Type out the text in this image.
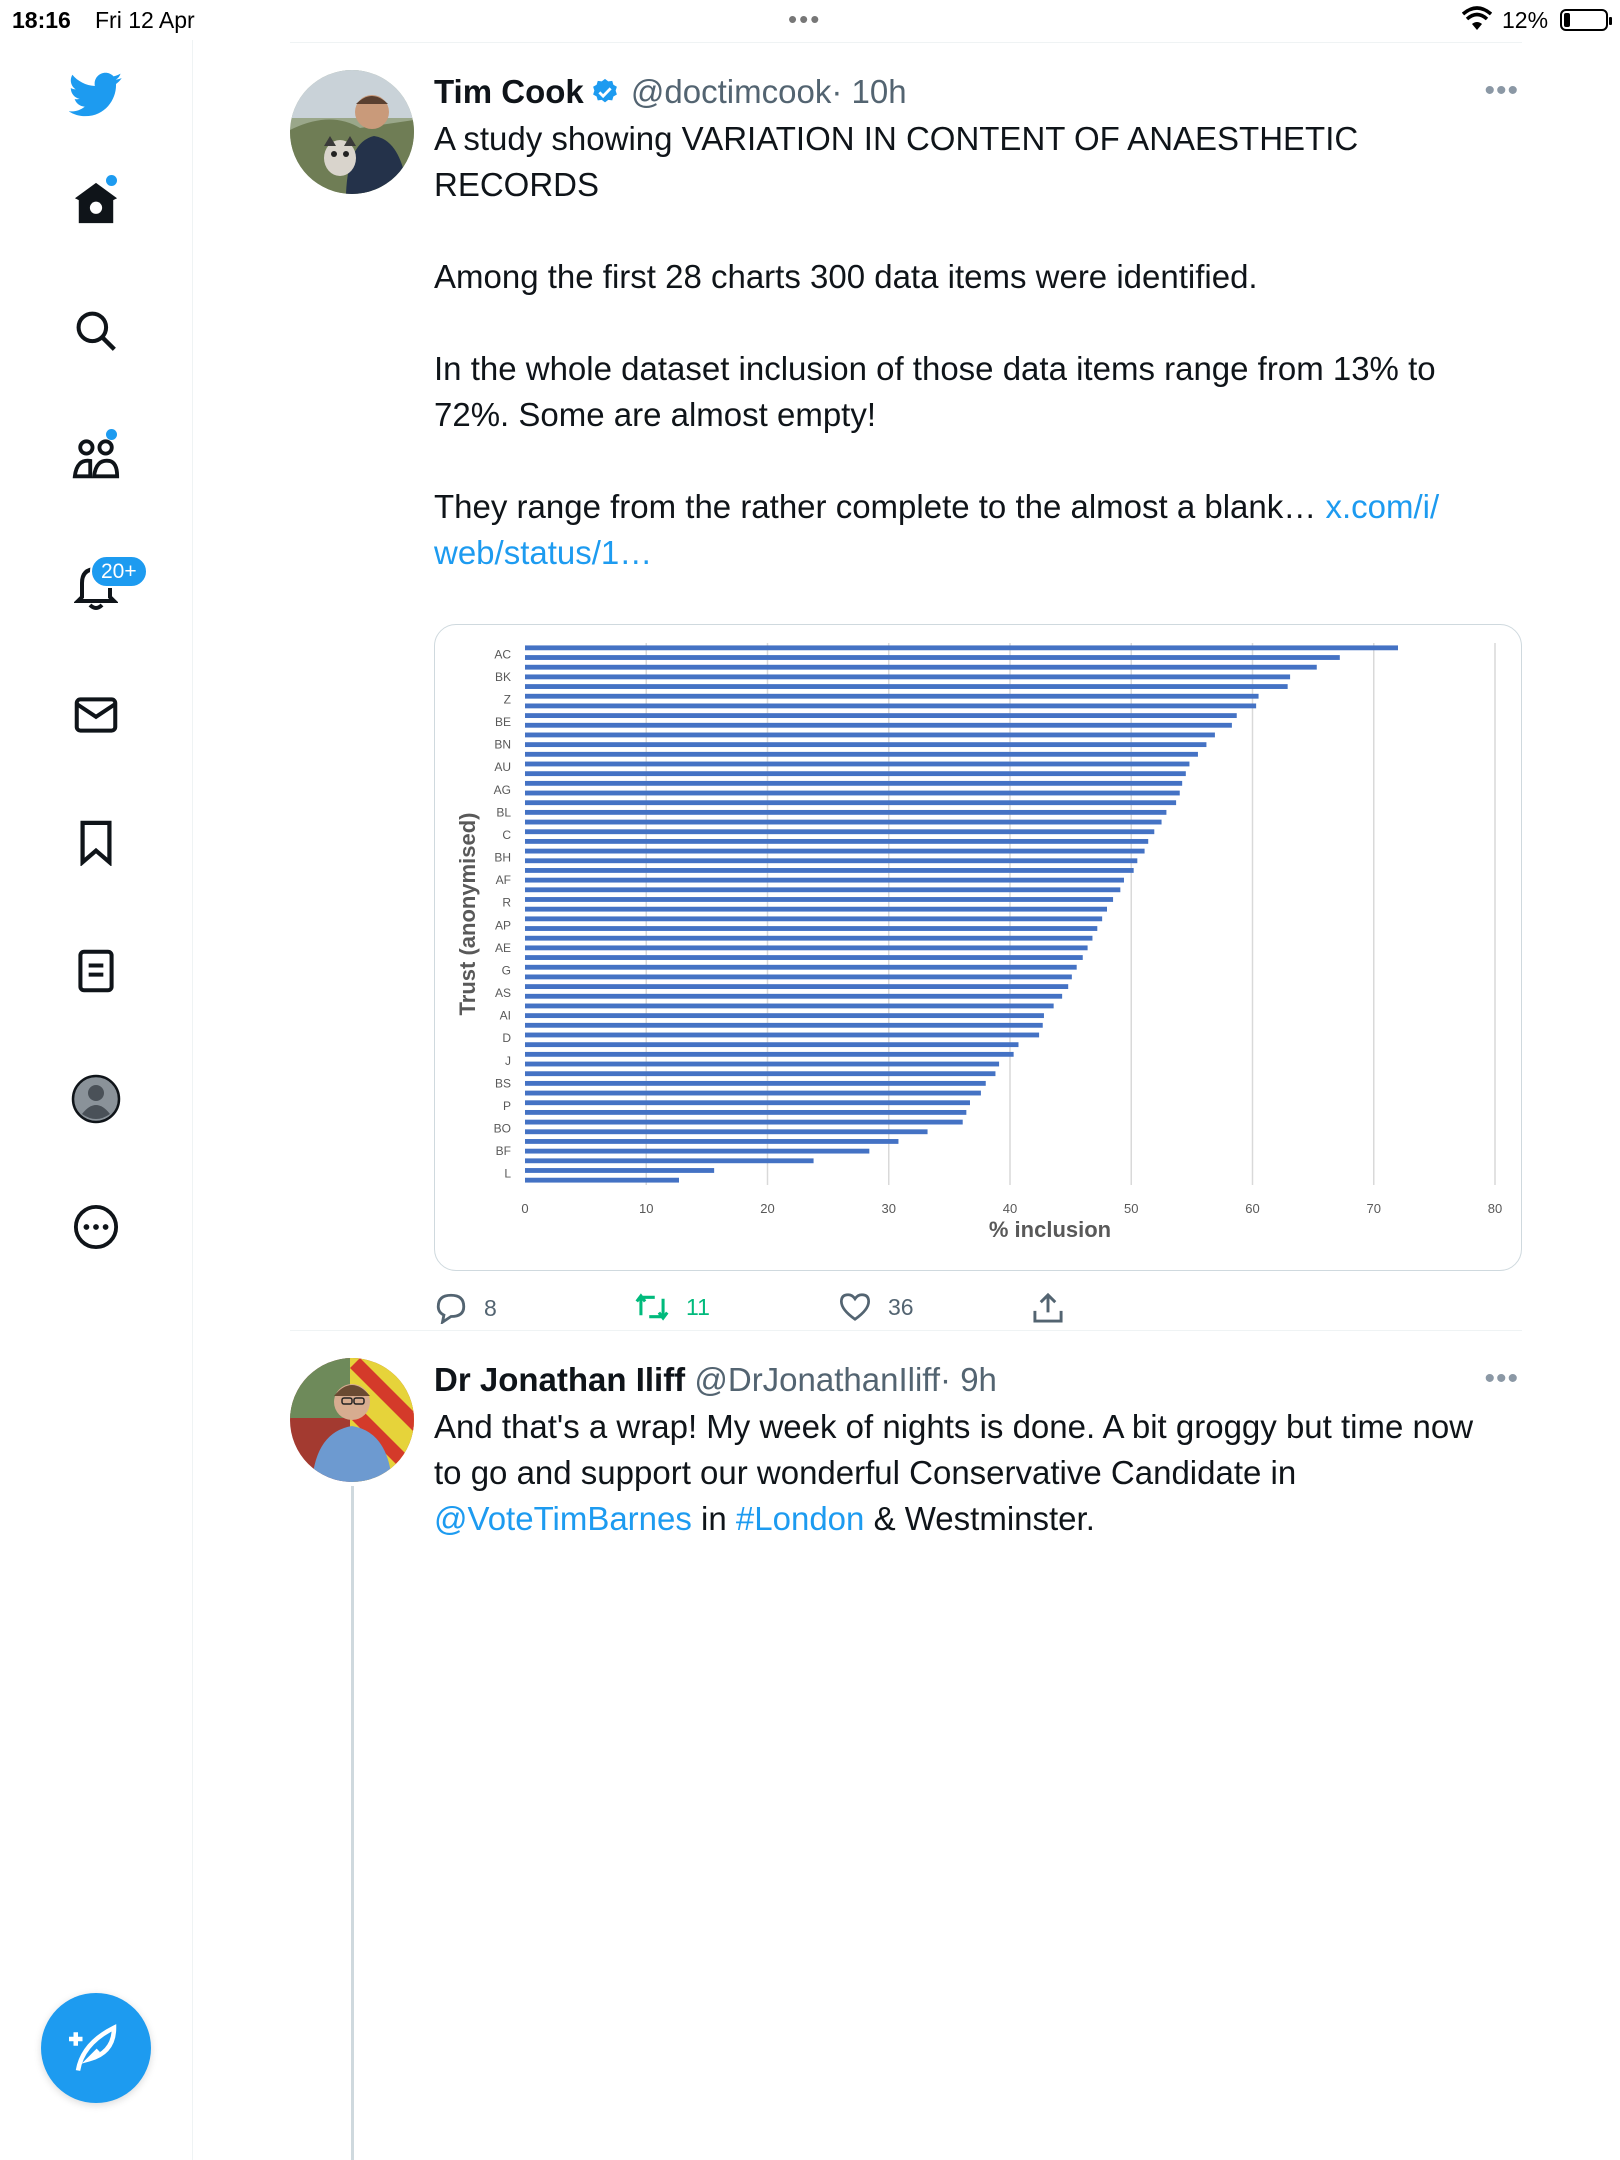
18:16 Fri 12 Apr	•••	12%
20+
Tim Cook @doctimcook· 10h	•••
A study showing VARIATION IN CONTENT OF ANAESTHETIC
RECORDS

Among the first 28 charts 300 data items were identified.

In the whole dataset inclusion of those data items range from 13% to
72%. Some are almost empty!

They range from the rather complete to the almost a blank… x.com/i/
web/status/1…
0	10	20	30	40	50	60	70	80
AC
BK
Z
BE
BN
AU
AG
BL
C
BH
AF
R
AP
AE
G
AS
AI
D
J
BS
P
BO
BF
L
% inclusion
Trust (anonymised)
8	11	36
Dr Jonathan Iliff @DrJonathanIliff· 9h	•••
And that's a wrap! My week of nights is done. A bit groggy but time now
to go and support our wonderful Conservative Candidate in
@VoteTimBarnes in #London & Westminster.
